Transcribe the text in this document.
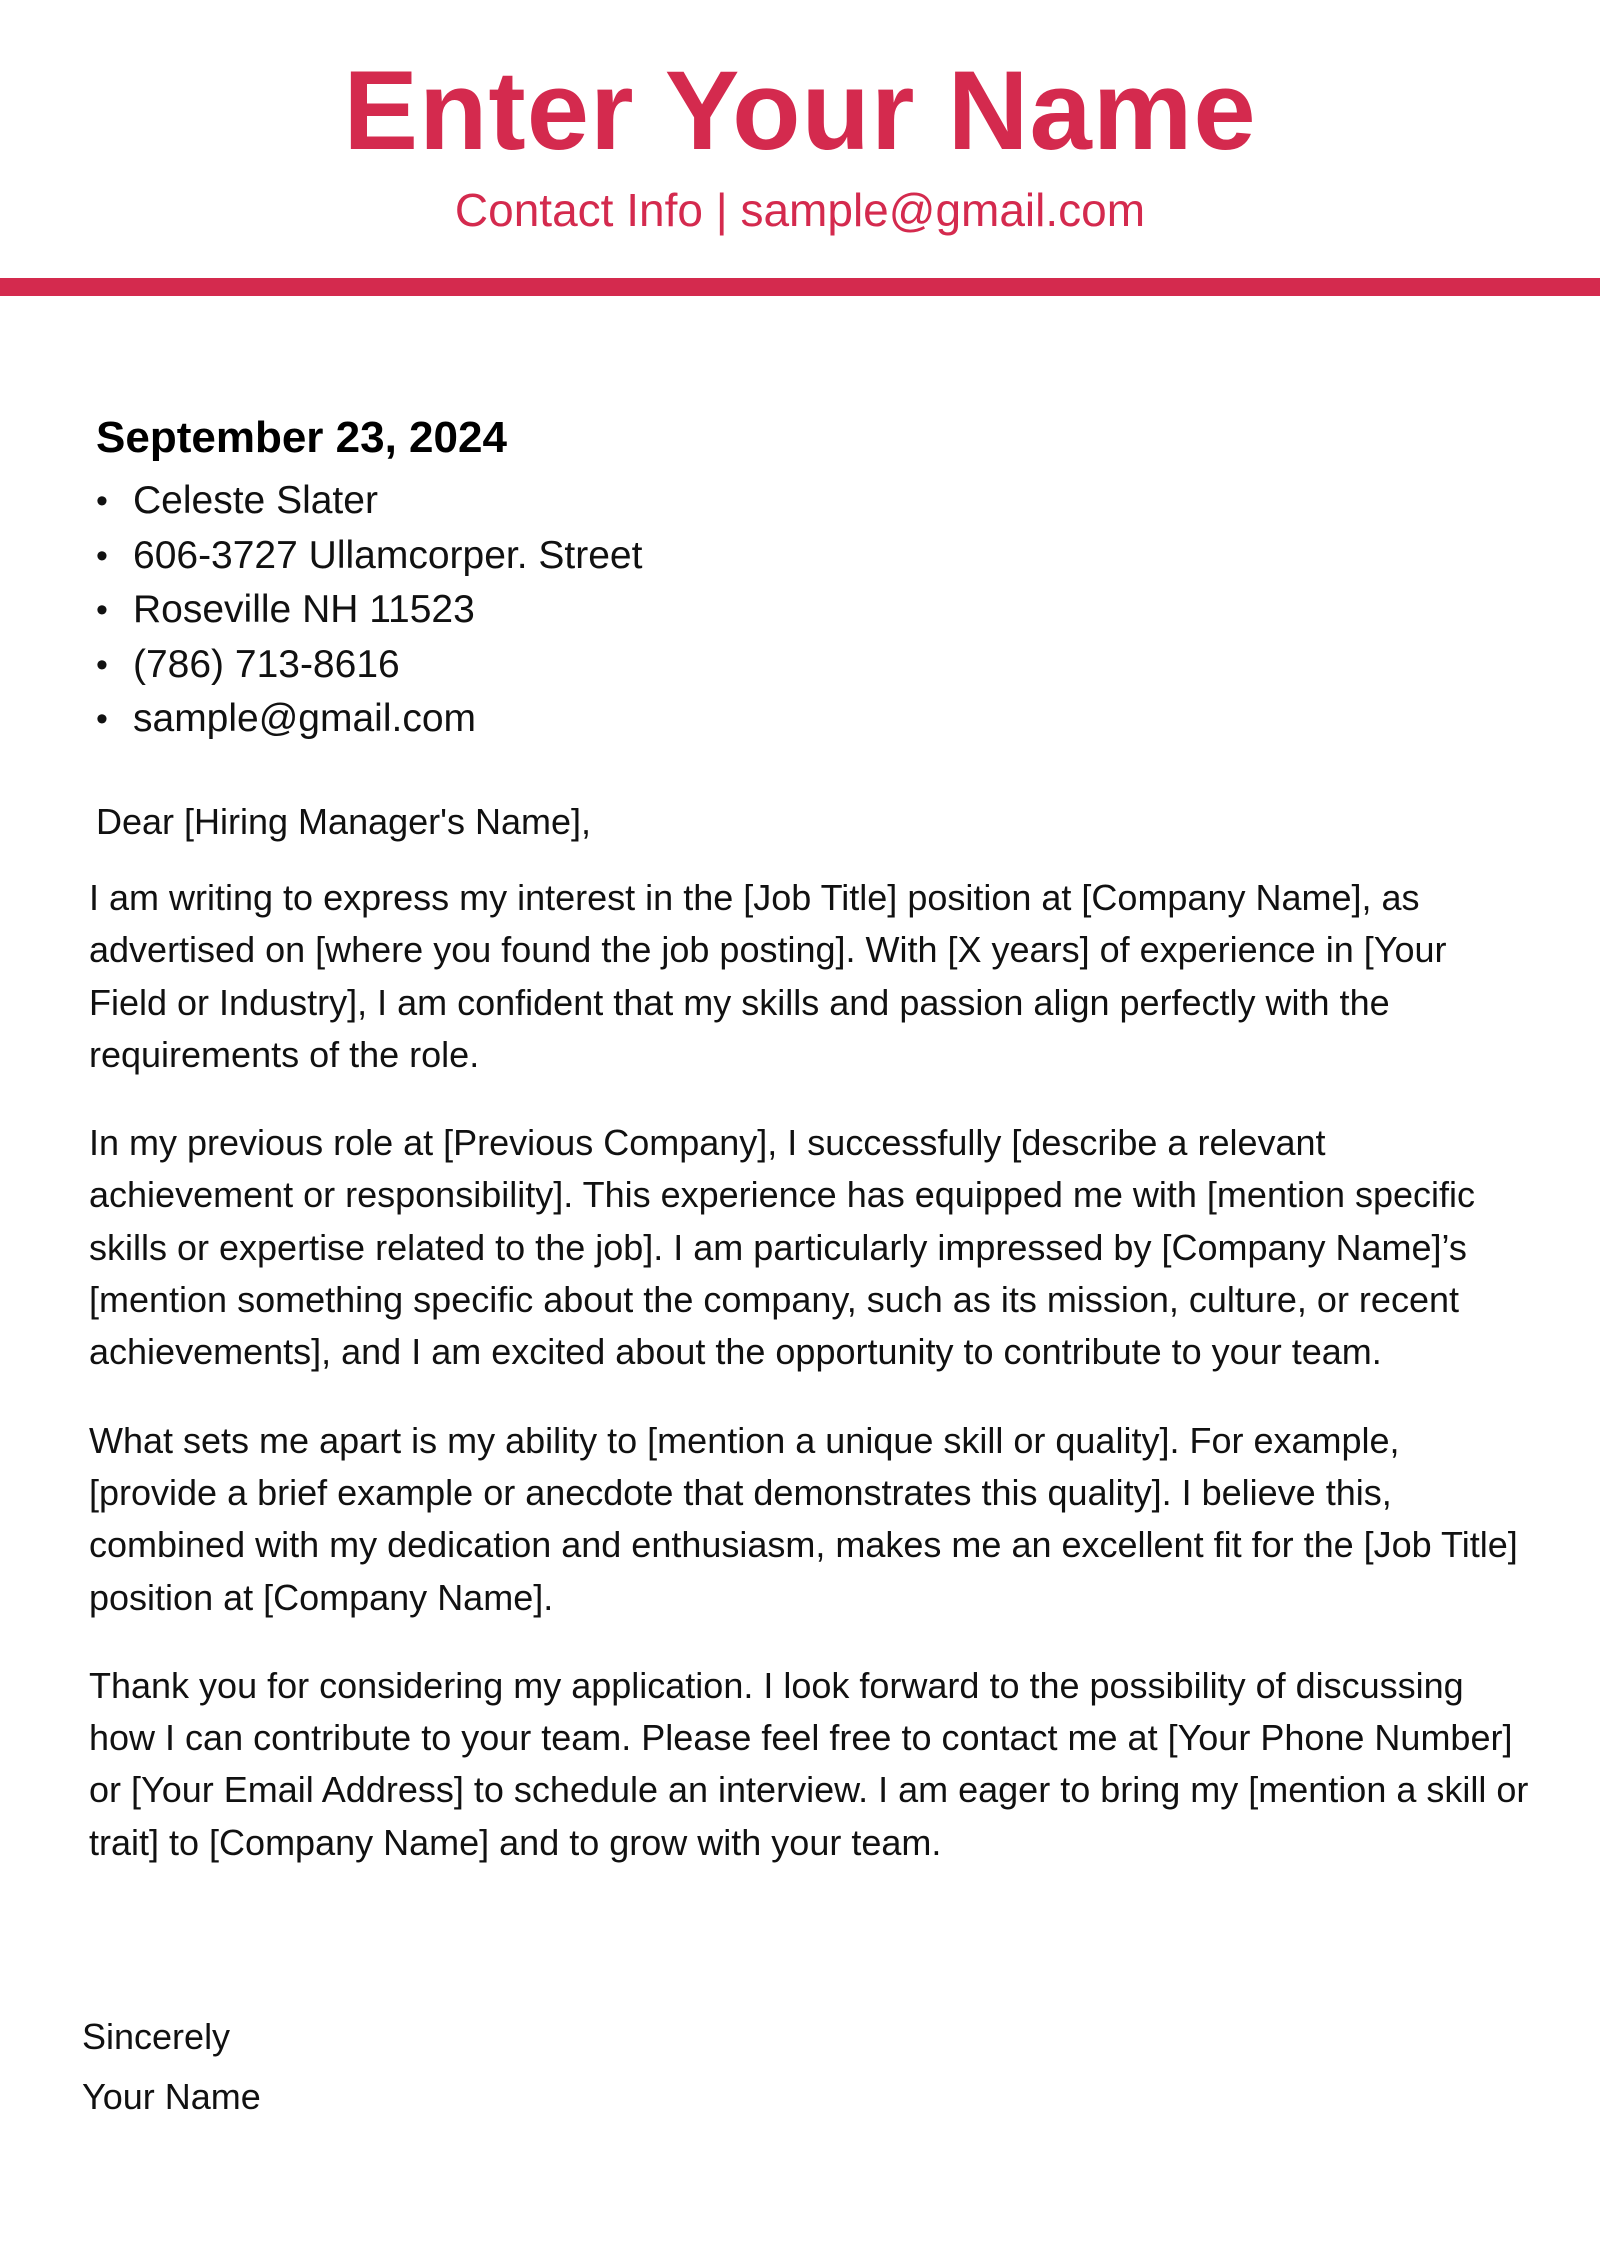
Enter Your Name

Contact Info | sample@gmail.com

September 23, 2024

• Celeste Slater
• 606-3727 Ullamcorper. Street
• Roseville NH 11523
• (786) 713-8616
• sample@gmail.com

Dear [Hiring Manager's Name],

I am writing to express my interest in the [Job Title] position at [Company Name], as advertised on [where you found the job posting]. With [X years] of experience in [Your Field or Industry], I am confident that my skills and passion align perfectly with the requirements of the role.

In my previous role at [Previous Company], I successfully [describe a relevant achievement or responsibility]. This experience has equipped me with [mention specific skills or expertise related to the job]. I am particularly impressed by [Company Name]’s [mention something specific about the company, such as its mission, culture, or recent achievements], and I am excited about the opportunity to contribute to your team.

What sets me apart is my ability to [mention a unique skill or quality]. For example, [provide a brief example or anecdote that demonstrates this quality]. I believe this, combined with my dedication and enthusiasm, makes me an excellent fit for the [Job Title] position at [Company Name].

Thank you for considering my application. I look forward to the possibility of discussing how I can contribute to your team. Please feel free to contact me at [Your Phone Number] or [Your Email Address] to schedule an interview. I am eager to bring my [mention a skill or trait] to [Company Name] and to grow with your team.

Sincerely
Your Name
